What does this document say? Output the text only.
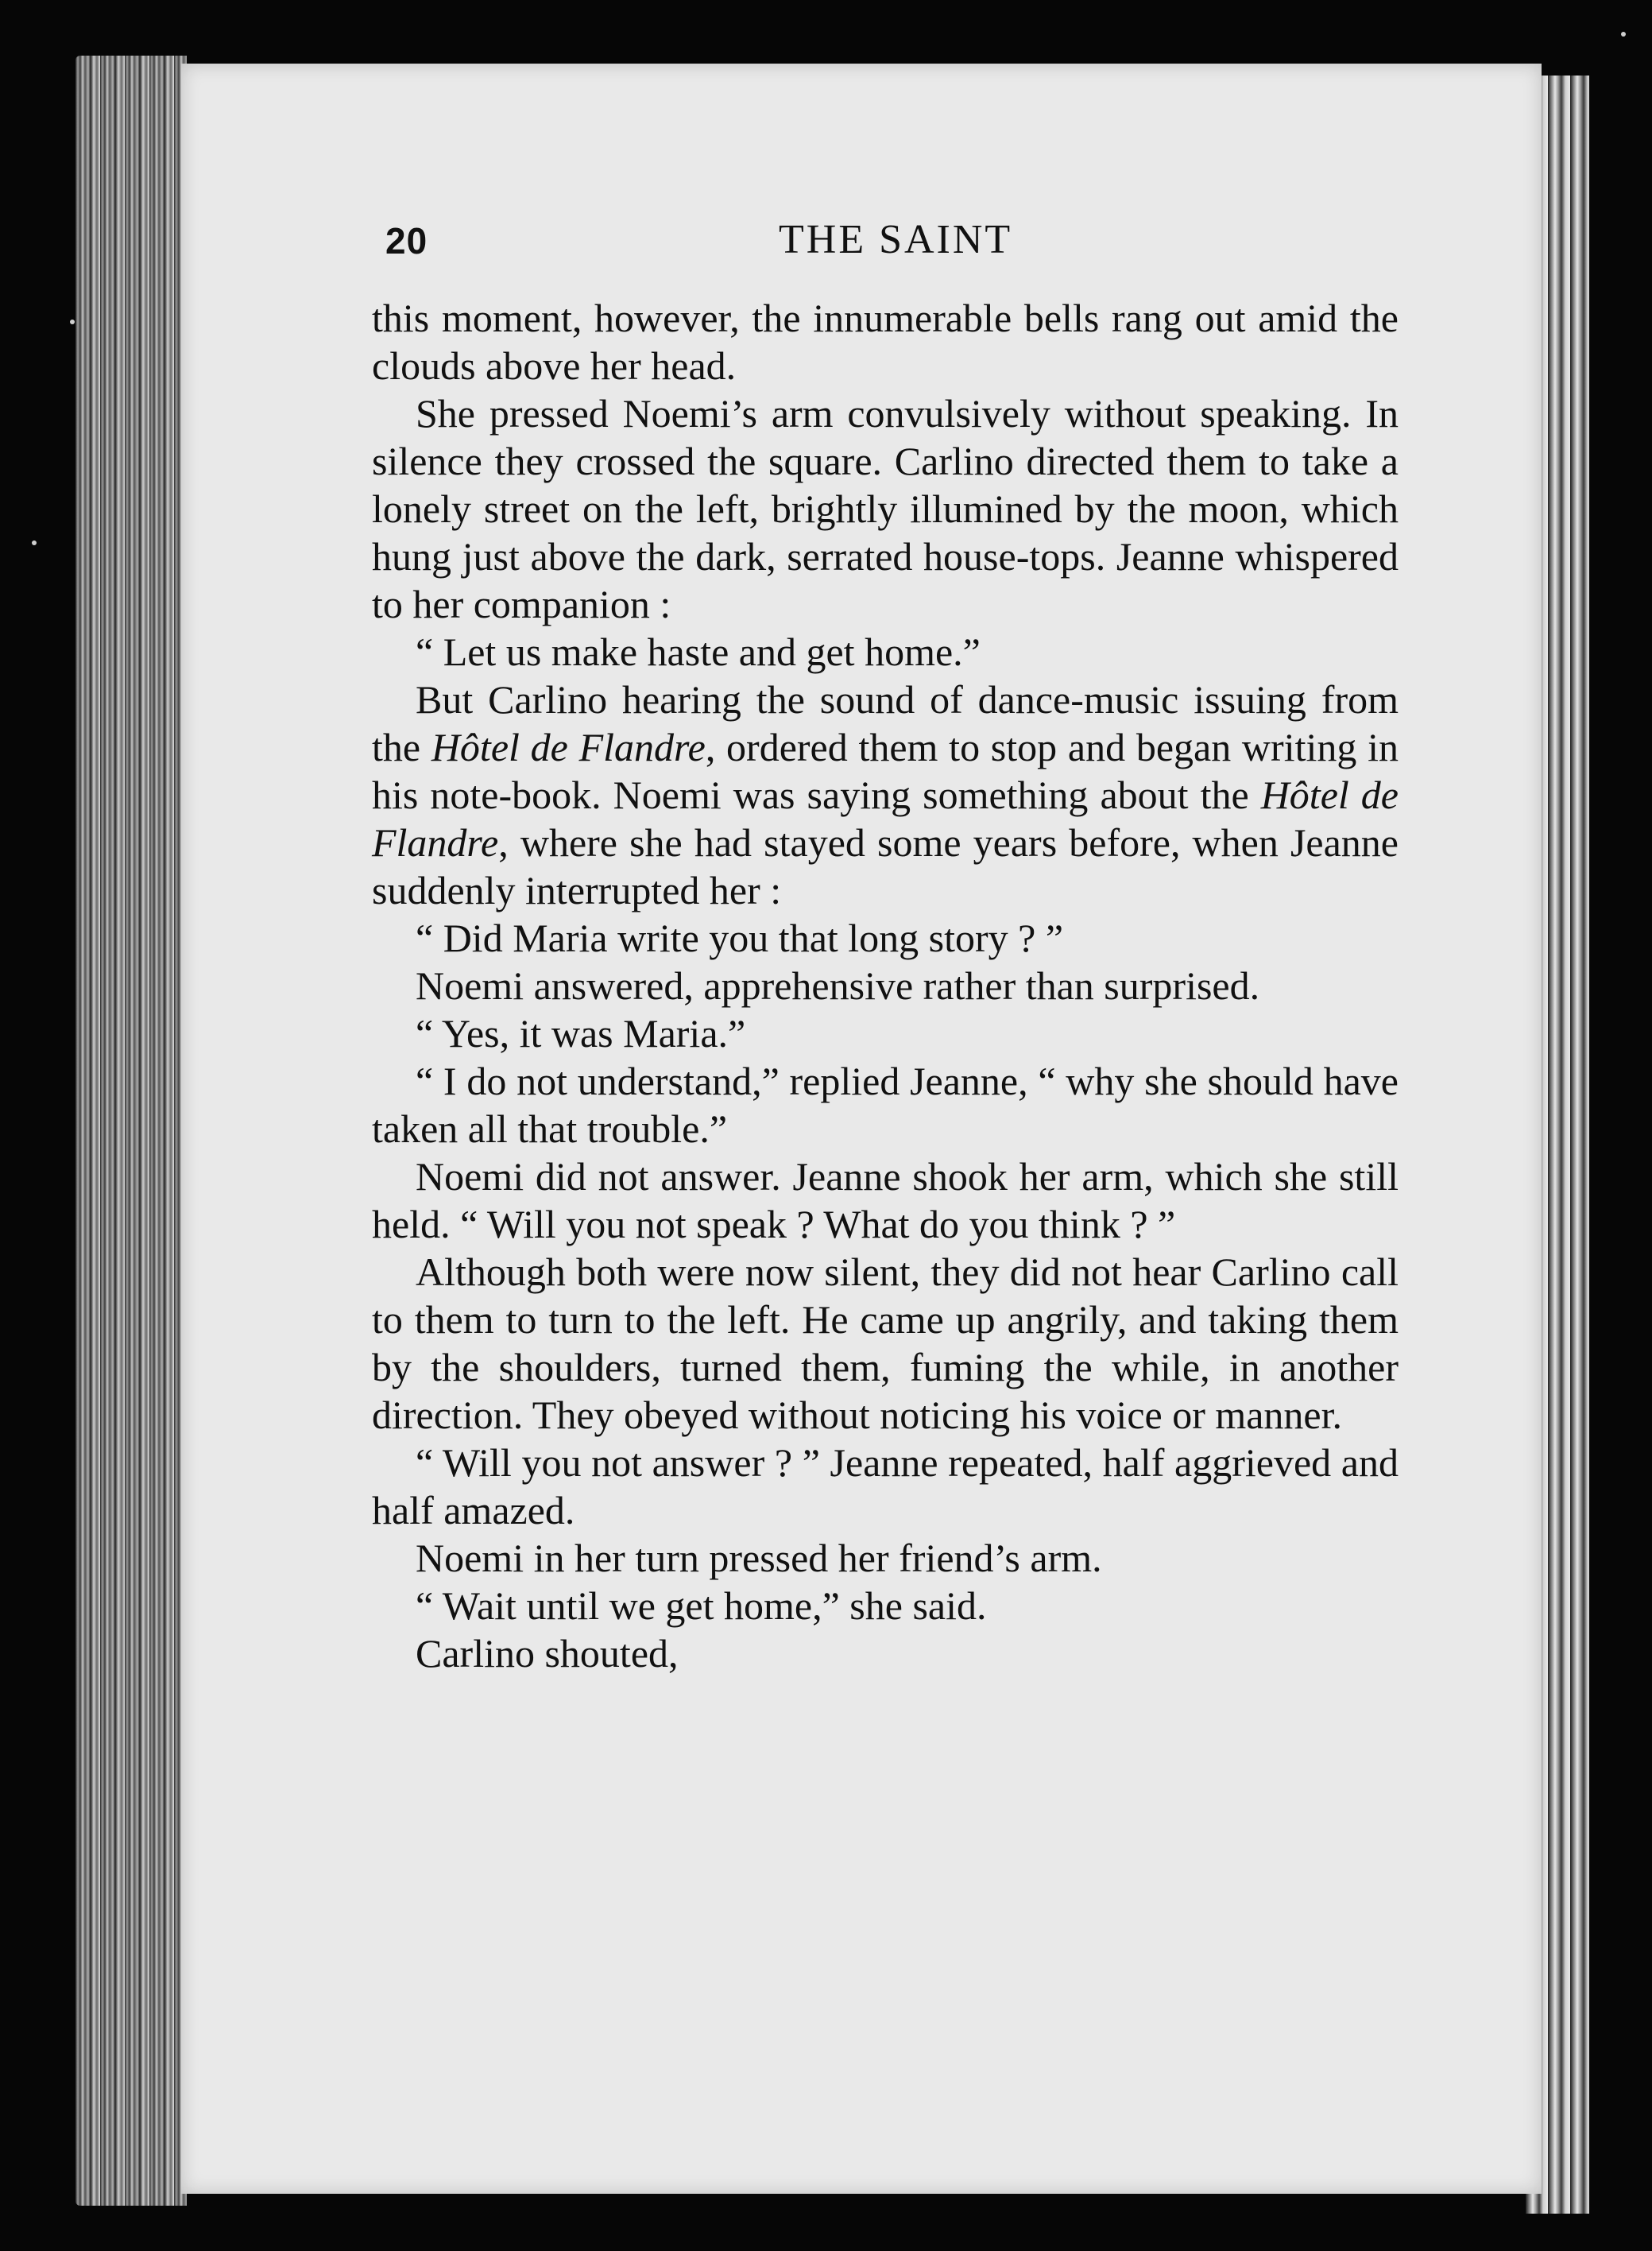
20	THE SAINT

this moment, however, the innumerable bells rang out amid the clouds above her head.

She pressed Noemi’s arm convulsively without speaking. In silence they crossed the square. Carlino directed them to take a lonely street on the left, brightly illumined by the moon, which hung just above the dark, serrated house-tops. Jeanne whispered to her companion :

“ Let us make haste and get home.”

But Carlino hearing the sound of dance-music issuing from the Hôtel de Flandre, ordered them to stop and began writing in his note-book. Noemi was saying something about the Hôtel de Flandre, where she had stayed some years before, when Jeanne suddenly interrupted her :

“ Did Maria write you that long story ? ”

Noemi answered, apprehensive rather than surprised.

“ Yes, it was Maria.”

“ I do not understand,” replied Jeanne, “ why she should have taken all that trouble.”

Noemi did not answer. Jeanne shook her arm, which she still held. “ Will you not speak ? What do you think ? ”

Although both were now silent, they did not hear Carlino call to them to turn to the left. He came up angrily, and taking them by the shoulders, turned them, fuming the while, in another direction. They obeyed without noticing his voice or manner.

“ Will you not answer ? ” Jeanne repeated, half aggrieved and half amazed.

Noemi in her turn pressed her friend’s arm.

“ Wait until we get home,” she said.

Carlino shouted,
